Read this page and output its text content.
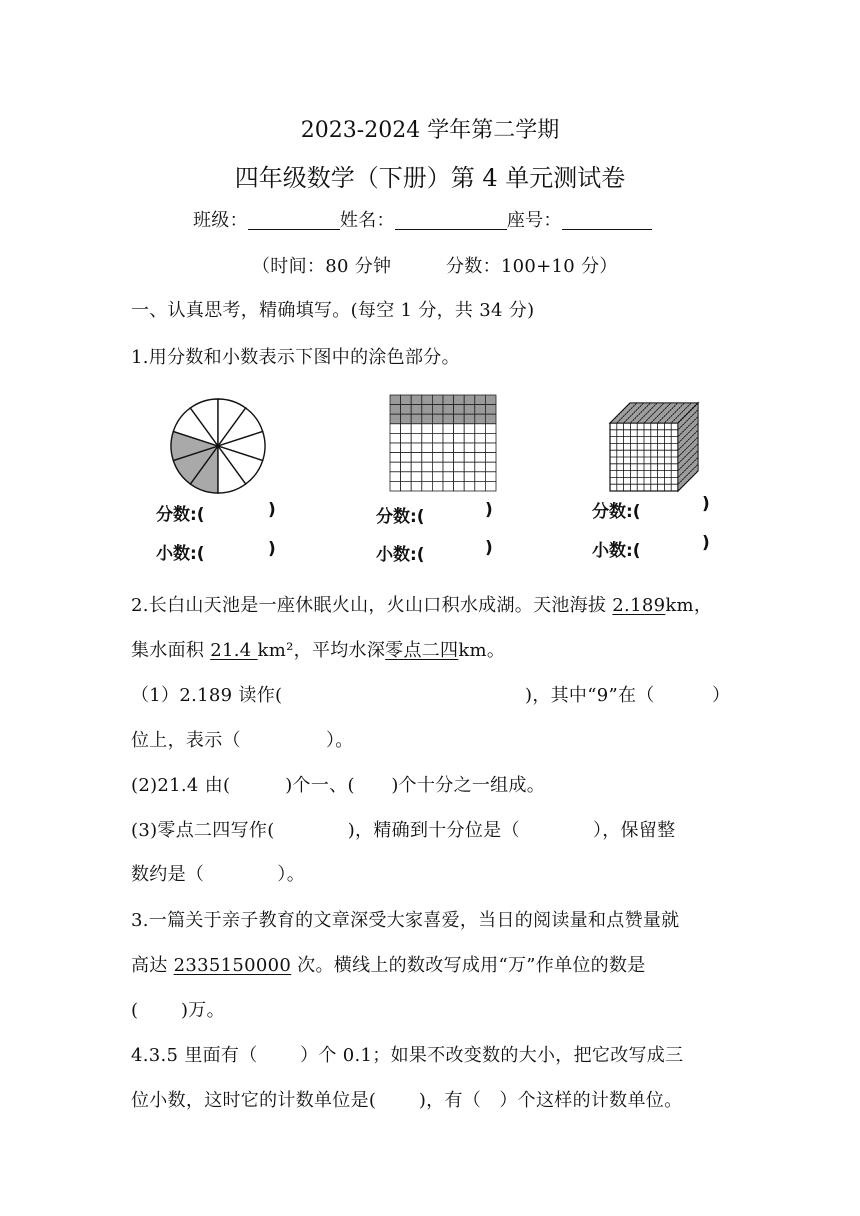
2023-2024 学年第二学期
四年级数学（下册）第 4 单元测试卷
班级：	姓名：	座号：
（时间：80 分钟	分数：100+10 分）
一、认真思考，精确填写。(每空 1 分，共 34 分)
1.用分数和小数表示下图中的涂色部分。
分数:(	)
小数:(	)
分数:(	)
小数:(	)
分数:(	)
小数:(	)
2.长白山天池是一座休眠火山，火山口积水成湖。天池海拔 2.189km，
集水面积 21.4 km²，平均水深零点二四km。
（1）2.189 读作(	)，其中“9”在（	）
位上，表示（	）。
(2)21.4 由(　　　)个一、(　　)个十分之一组成。
(3)零点二四写作(　　　　)，精确到十分位是（　　　　），保留整
数约是（　　　　）。
3.一篇关于亲子教育的文章深受大家喜爱，当日的阅读量和点赞量就
高达 2335150000 次。横线上的数改写成用“万”作单位的数是
(　　 )万。
4.3.5 里面有（　　 ）个 0.1；如果不改变数的大小，把它改写成三
位小数，这时它的计数单位是(　　 )，有（　）个这样的计数单位。
